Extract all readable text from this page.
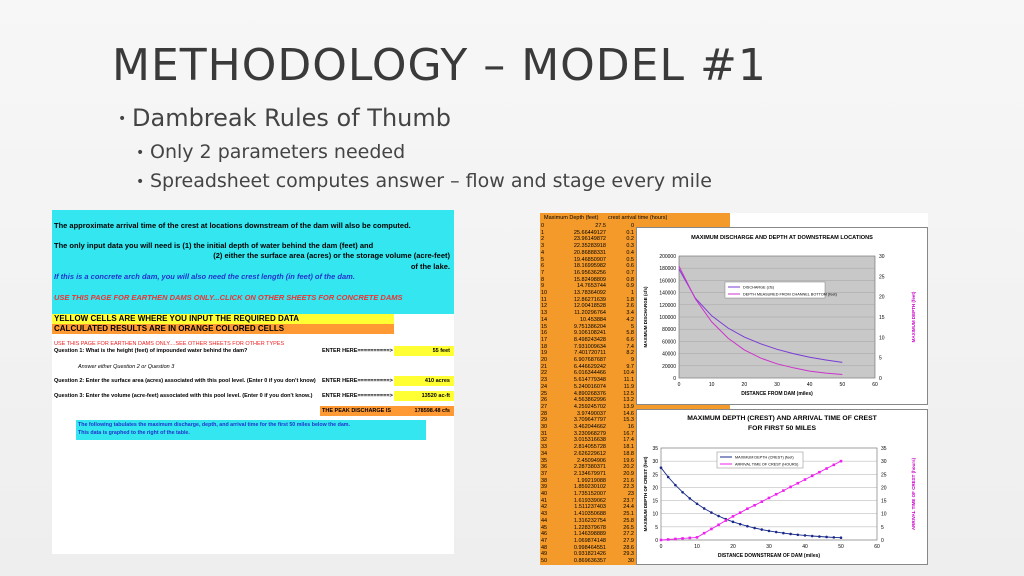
METHODOLOGY – MODEL #1
• Dambreak Rules of Thumb
• Only 2 parameters needed
• Spreadsheet computes answer – flow and stage every mile
The approximate arrival time of the crest at locations downstream of the dam will also be computed.
The only input data you will need is (1) the initial depth of water behind the dam (feet) and
(2) either the surface area (acres) or the storage volume (acre-feet)
of the lake.
If this is a concrete arch dam, you will also need the crest length (in feet) of the dam.
USE THIS PAGE FOR EARTHEN DAMS ONLY...CLICK ON OTHER SHEETS FOR CONCRETE DAMS
YELLOW CELLS ARE WHERE YOU INPUT THE REQUIRED DATA
CALCULATED RESULTS ARE IN ORANGE COLORED CELLS
USE THIS PAGE FOR EARTHEN DAMS ONLY....SEE OTHER SHEETS FOR OTHER TYPES
Question 1: What is the height (feet) of impounded water behind the dam?	ENTER HERE==========>	55 feet
Answer either Question 2 or Question 3
Question 2: Enter the surface area (acres) associated with this pool level. (Enter 0 if you don't know) ENTER HERE==========>	410 acres
Question 3: Enter the volume (acre-feet) associated with this pool level. (Enter 0 if you don't know.) ENTER HERE==========>	13520 ac-ft
THE PEAK DISCHARGE IS	178598.48 cfs
The following tabulates the maximum discharge, depth, and arrival time for the first 50 miles below the dam.
This data is graphed to the right of the table.
Maximum Depth (feet) crest arrival time (hours)
0	27.5	0
1	25.66449127	0.1
2	23.96149872	0.2
3	22.35283918	0.3
4	20.86888331	0.4
5	19.46850907	0.5
6	18.16995982	0.6
7	16.95636256	0.7
8	15.82498809	0.8
9	14.7653744	0.9
10	13.78364092	1
11	12.86271639	1.8
12	12.00418528	2.6
13	11.20296764	3.4
14	10.453884	4.2
15	9.751386204	5
16	9.106108241	5.8
17	8.498243428	6.6
18	7.931009634	7.4
19	7.401720711	8.2
20	6.907687687	9
21	6.446629242	9.7
22	6.016344466	10.4
23	5.614779348	11.1
24	5.240016074	11.9
25	4.890268376	12.5
26	4.563862996	13.2
27	4.259245702	13.9
28	3.97490037	14.6
29	3.709647797	15.3
30	3.462044662	16
31	3.230968279	16.7
32	3.015316638	17.4
33	2.814055728	18.1
34	2.626229612	18.8
35	2.45094906	19.6
36	2.287380371	20.2
37	2.134679971	20.9
38	1.99219088	21.6
39	1.859230102	22.3
40	1.735152007	23
41	1.619339062	23.7
42	1.511237403	24.4
43	1.410350688	25.1
44	1.316232754	25.8
45	1.228379678	26.5
46	1.146398889	27.2
47	1.069874148	27.9
48	0.998464551	28.6
49	0.931821426	29.3
50	0.869636357	30
MAXIMUM DISCHARGE AND DEPTH AT DOWNSTREAM LOCATIONS
0
20000
40000
60000
80000
100000
120000
140000
160000
180000
200000
0
5
10
15
20
25
30
0	10	20	30	40	50	60
DISTANCE FROM DAM (miles)
MAXIMUM DISCHARGE (cfs)	MAXIMUM DEPTH (feet)
DISCHARGE (cfs)
DEPTH MEASURED FROM CHANNEL BOTTOM (feet)
MAXIMUM DEPTH (CREST) AND ARRIVAL TIME OF CREST
FOR FIRST 50 MILES
0
5
10
15
20
25
30
35
0
5
10
15
20
25
30
35
0	10	20	30	40	50	60
DISTANCE DOWNSTREAM OF DAM (miles)
MAXIMUM DEPTH OF CREST (feet)	ARRIVAL TIME OF CREST (hours)
MAXIMUM DEPTH (CREST) (feet)
ARRIVAL TIME OF CREST (HOURS)
